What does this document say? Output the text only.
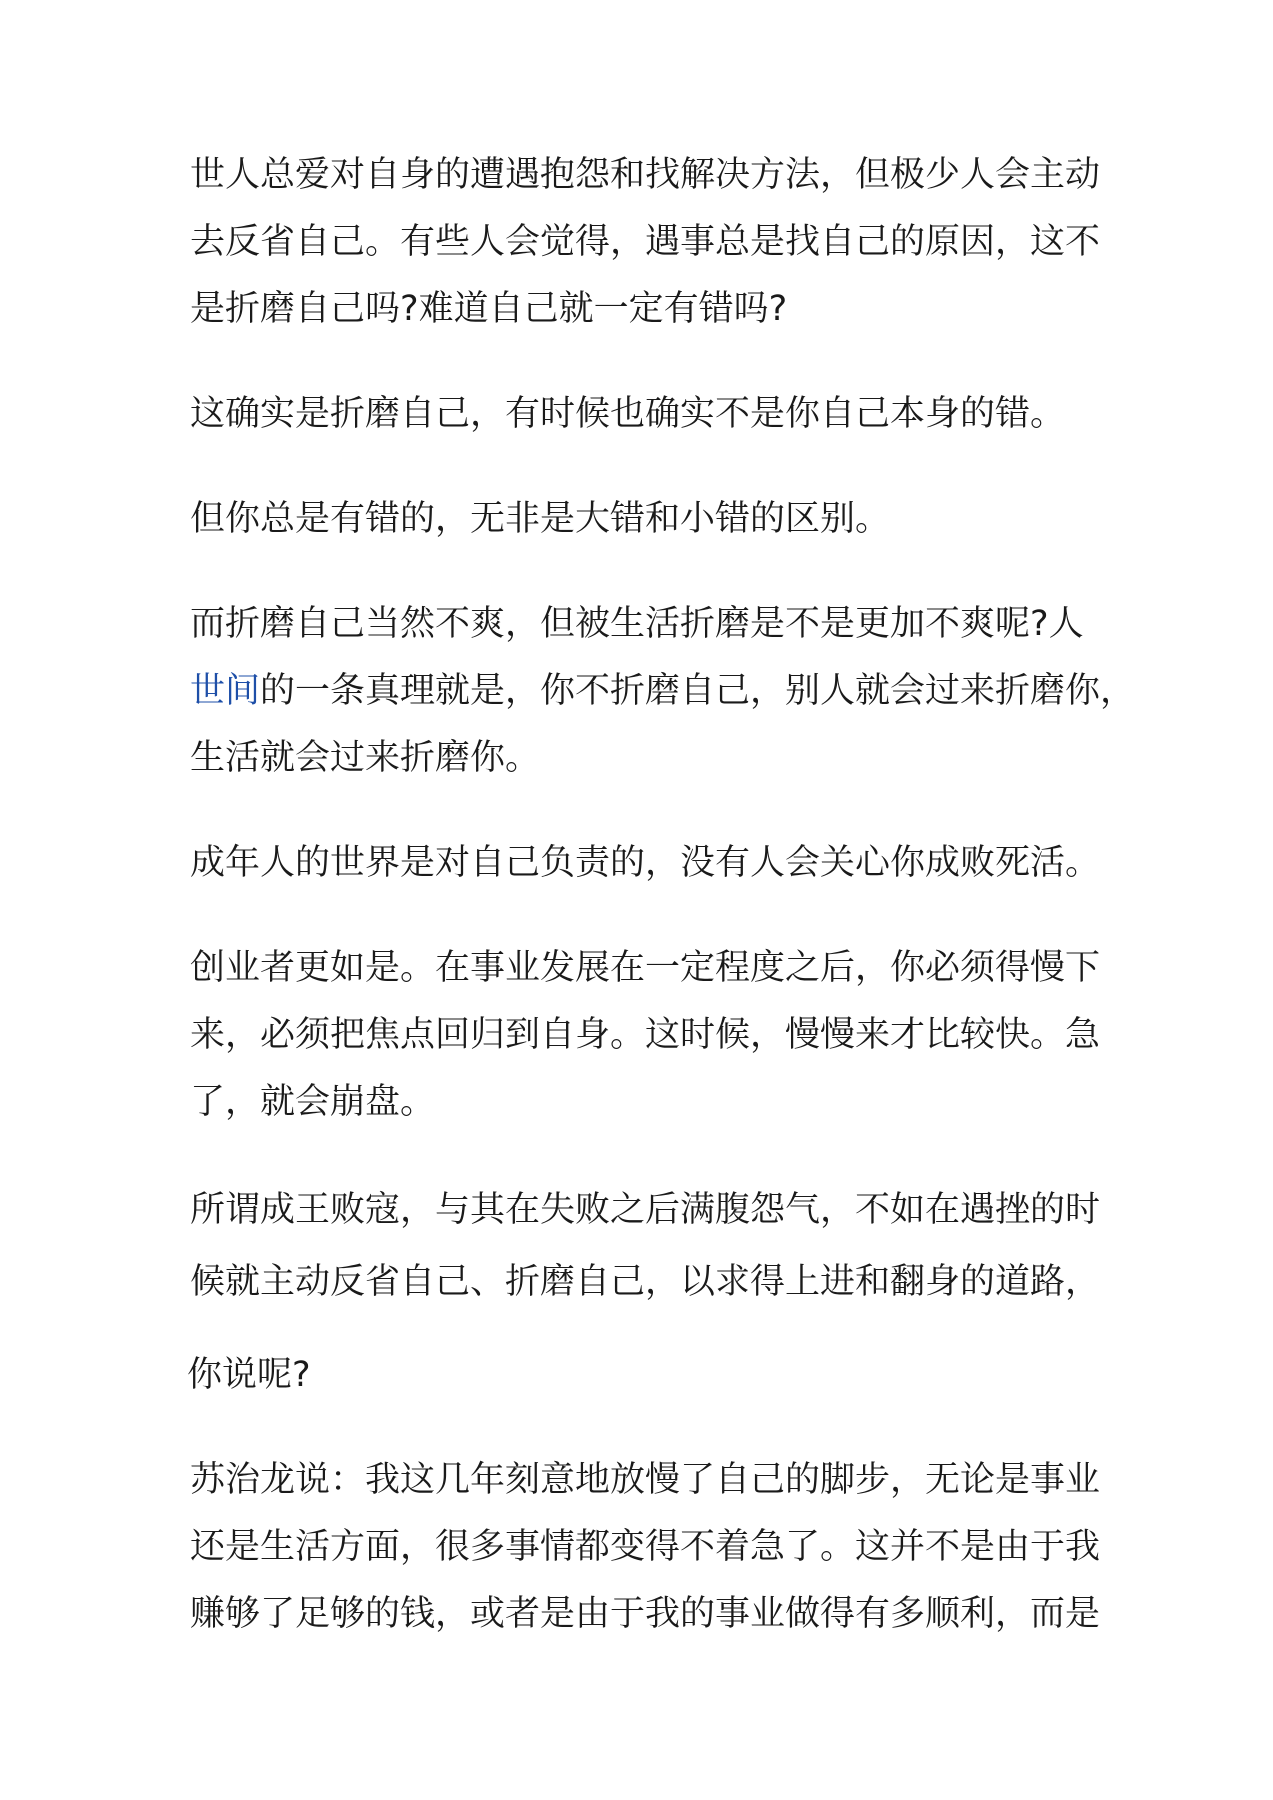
世人总爱对自身的遭遇抱怨和找解决方法，但极少人会主动
去反省自己。有些人会觉得，遇事总是找自己的原因，这不
是折磨自己吗?难道自己就一定有错吗?

这确实是折磨自己，有时候也确实不是你自己本身的错。

但你总是有错的，无非是大错和小错的区别。

而折磨自己当然不爽，但被生活折磨是不是更加不爽呢?人
世间的一条真理就是，你不折磨自己，别人就会过来折磨你，
生活就会过来折磨你。

成年人的世界是对自己负责的，没有人会关心你成败死活。

创业者更如是。在事业发展在一定程度之后，你必须得慢下
来，必须把焦点回归到自身。这时候，慢慢来才比较快。急
了，就会崩盘。

所谓成王败寇，与其在失败之后满腹怨气，不如在遇挫的时
候就主动反省自己、折磨自己，以求得上进和翻身的道路，

你说呢?

苏治龙说：我这几年刻意地放慢了自己的脚步，无论是事业
还是生活方面，很多事情都变得不着急了。这并不是由于我
赚够了足够的钱，或者是由于我的事业做得有多顺利，而是
